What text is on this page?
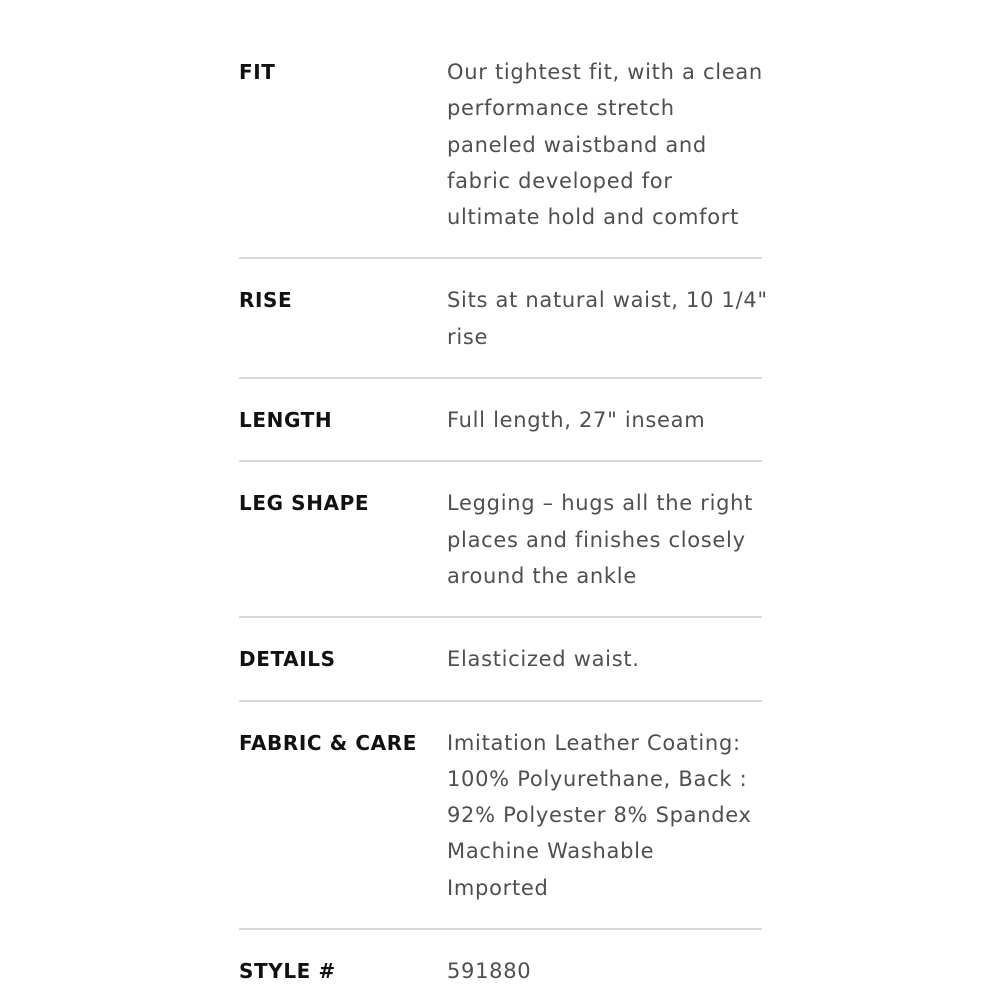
FIT	Our tightest fit, with a clean
performance stretch
paneled waistband and
fabric developed for
ultimate hold and comfort
RISE	Sits at natural waist, 10 1/4"
rise
LENGTH	Full length, 27" inseam
LEG SHAPE	Legging – hugs all the right
places and finishes closely
around the ankle
DETAILS	Elasticized waist.
FABRIC & CARE	Imitation Leather Coating:
100% Polyurethane, Back :
92% Polyester 8% Spandex
Machine Washable
Imported
STYLE #	591880
